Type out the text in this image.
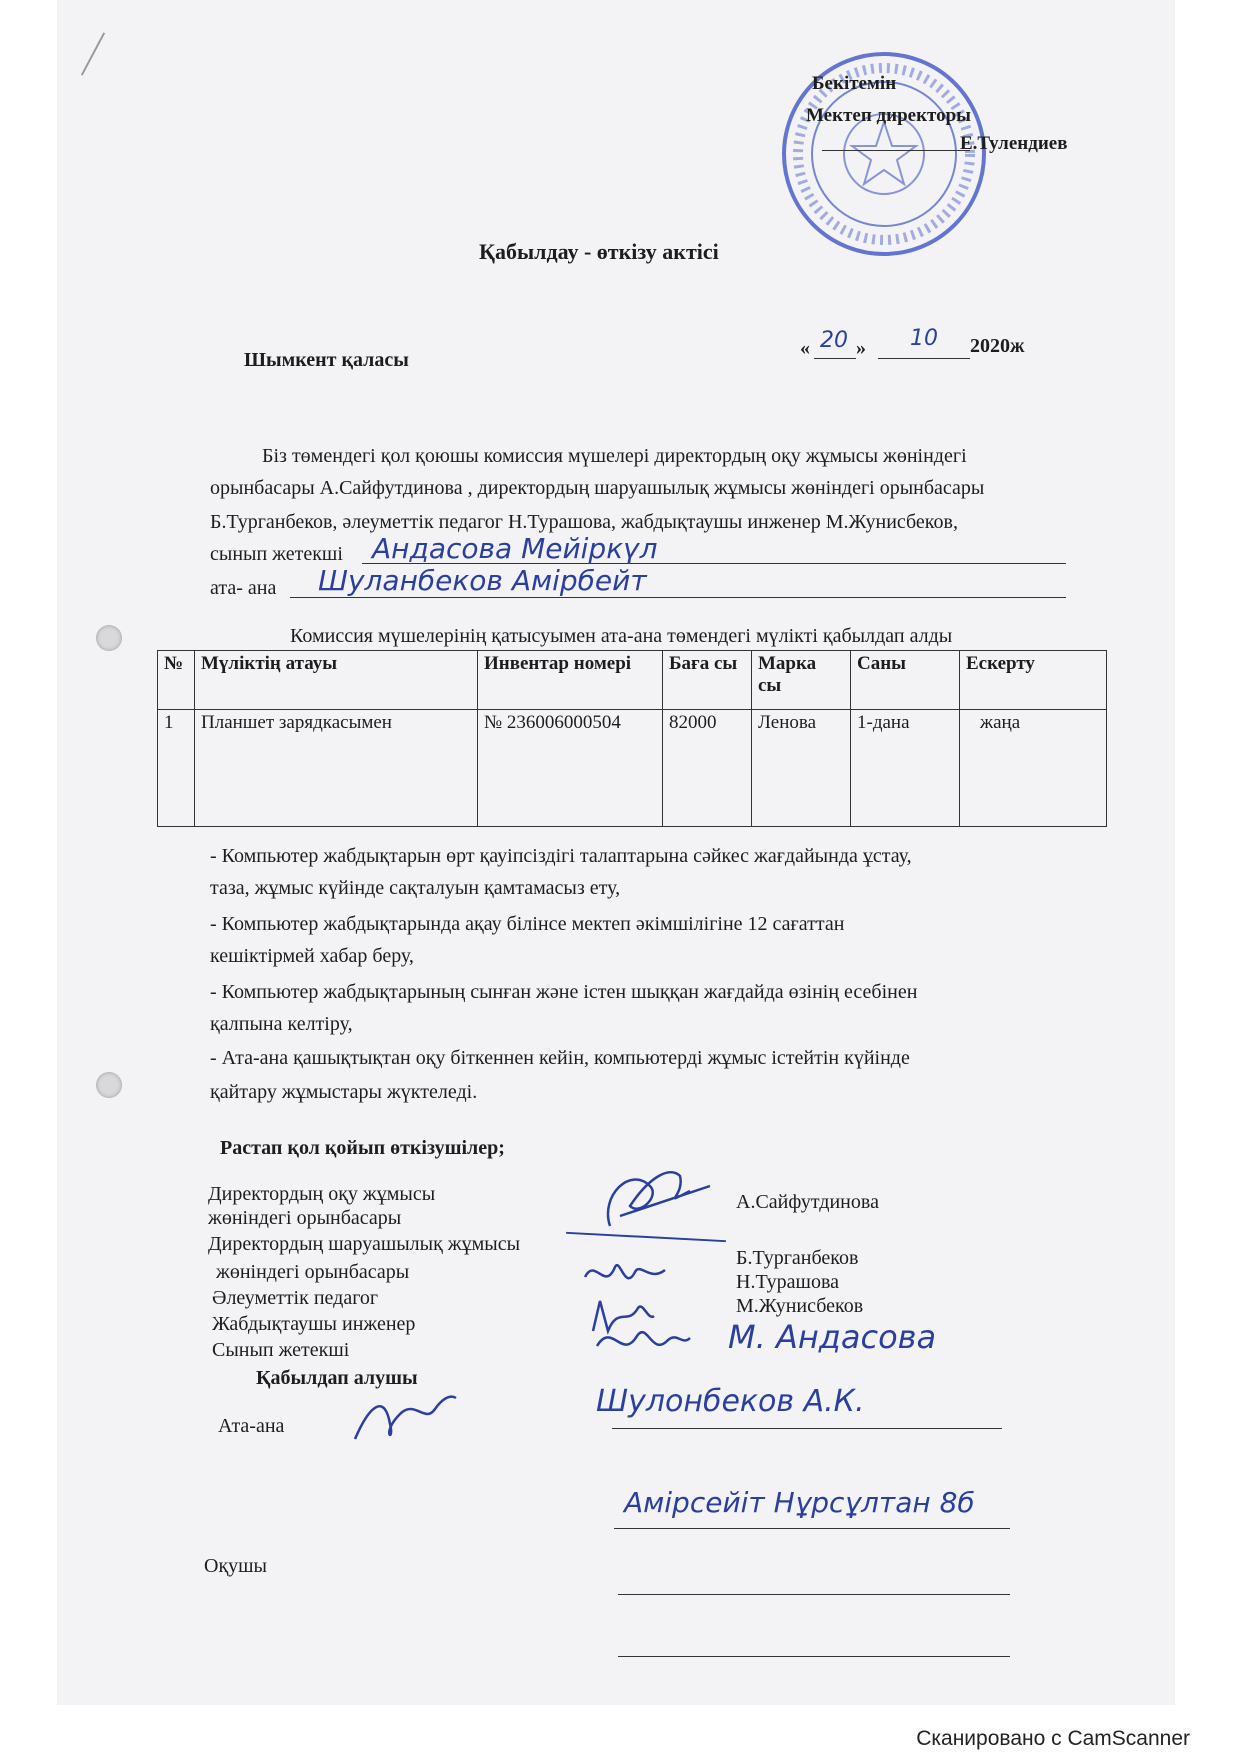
Бекітемін
Мектеп директоры
Е.Тулендиев
Қабылдау - өткізу актісі
Шымкент қаласы
« 20 » 10 2020ж
Біз төмендегі қол қоюшы комиссия мүшелері директордың оқу жұмысы жөніндегі
орынбасары А.Сайфутдинова , директордың шаруашылық жұмысы жөніндегі орынбасары
Б.Турганбеков, әлеуметтік педагог Н.Турашова, жабдықтаушы инженер М.Жунисбеков,
сынып жетекші Андасова Мейіркүл
ата- ана Шуланбеков Амірбейт
Комиссия мүшелерінің қатысуымен ата-ана төмендегі мүлікті қабылдап алды
№	Мүліктің атауы	Инвентар номері	Баға сы	Марка сы	Саны	Ескерту
1	Планшет зарядкасымен	№ 236006000504	82000	Ленова	1-дана	жаңа
- Компьютер жабдықтарын өрт қауіпсіздігі талаптарына сәйкес жағдайында ұстау,
таза, жұмыс күйінде сақталуын қамтамасыз ету,
- Компьютер жабдықтарында ақау білінсе мектеп әкімшілігіне 12 сағаттан
кешіктірмей хабар беру,
- Компьютер жабдықтарының сынған және істен шыққан жағдайда өзінің есебінен
қалпына келтіру,
- Ата-ана қашықтықтан оқу біткеннен кейін, компьютерді жұмыс істейтін күйінде
қайтару жұмыстары жүктеледі.
Растап қол қойып өткізушілер;
Директордың оқу жұмысы
жөніндегі орынбасары
Директордың шаруашылық жұмысы
жөніндегі орынбасары
Әлеуметтік педагог
Жабдықтаушы инженер
Сынып жетекші
А.Сайфутдинова
Б.Турганбеков
Н.Турашова
М.Жунисбеков
М. Андасова
Қабылдап алушы
Ата-ана
Шулонбеков А.К.
Оқушы
Амірсейіт Нұрсұлтан 8б
Сканировано с CamScanner
